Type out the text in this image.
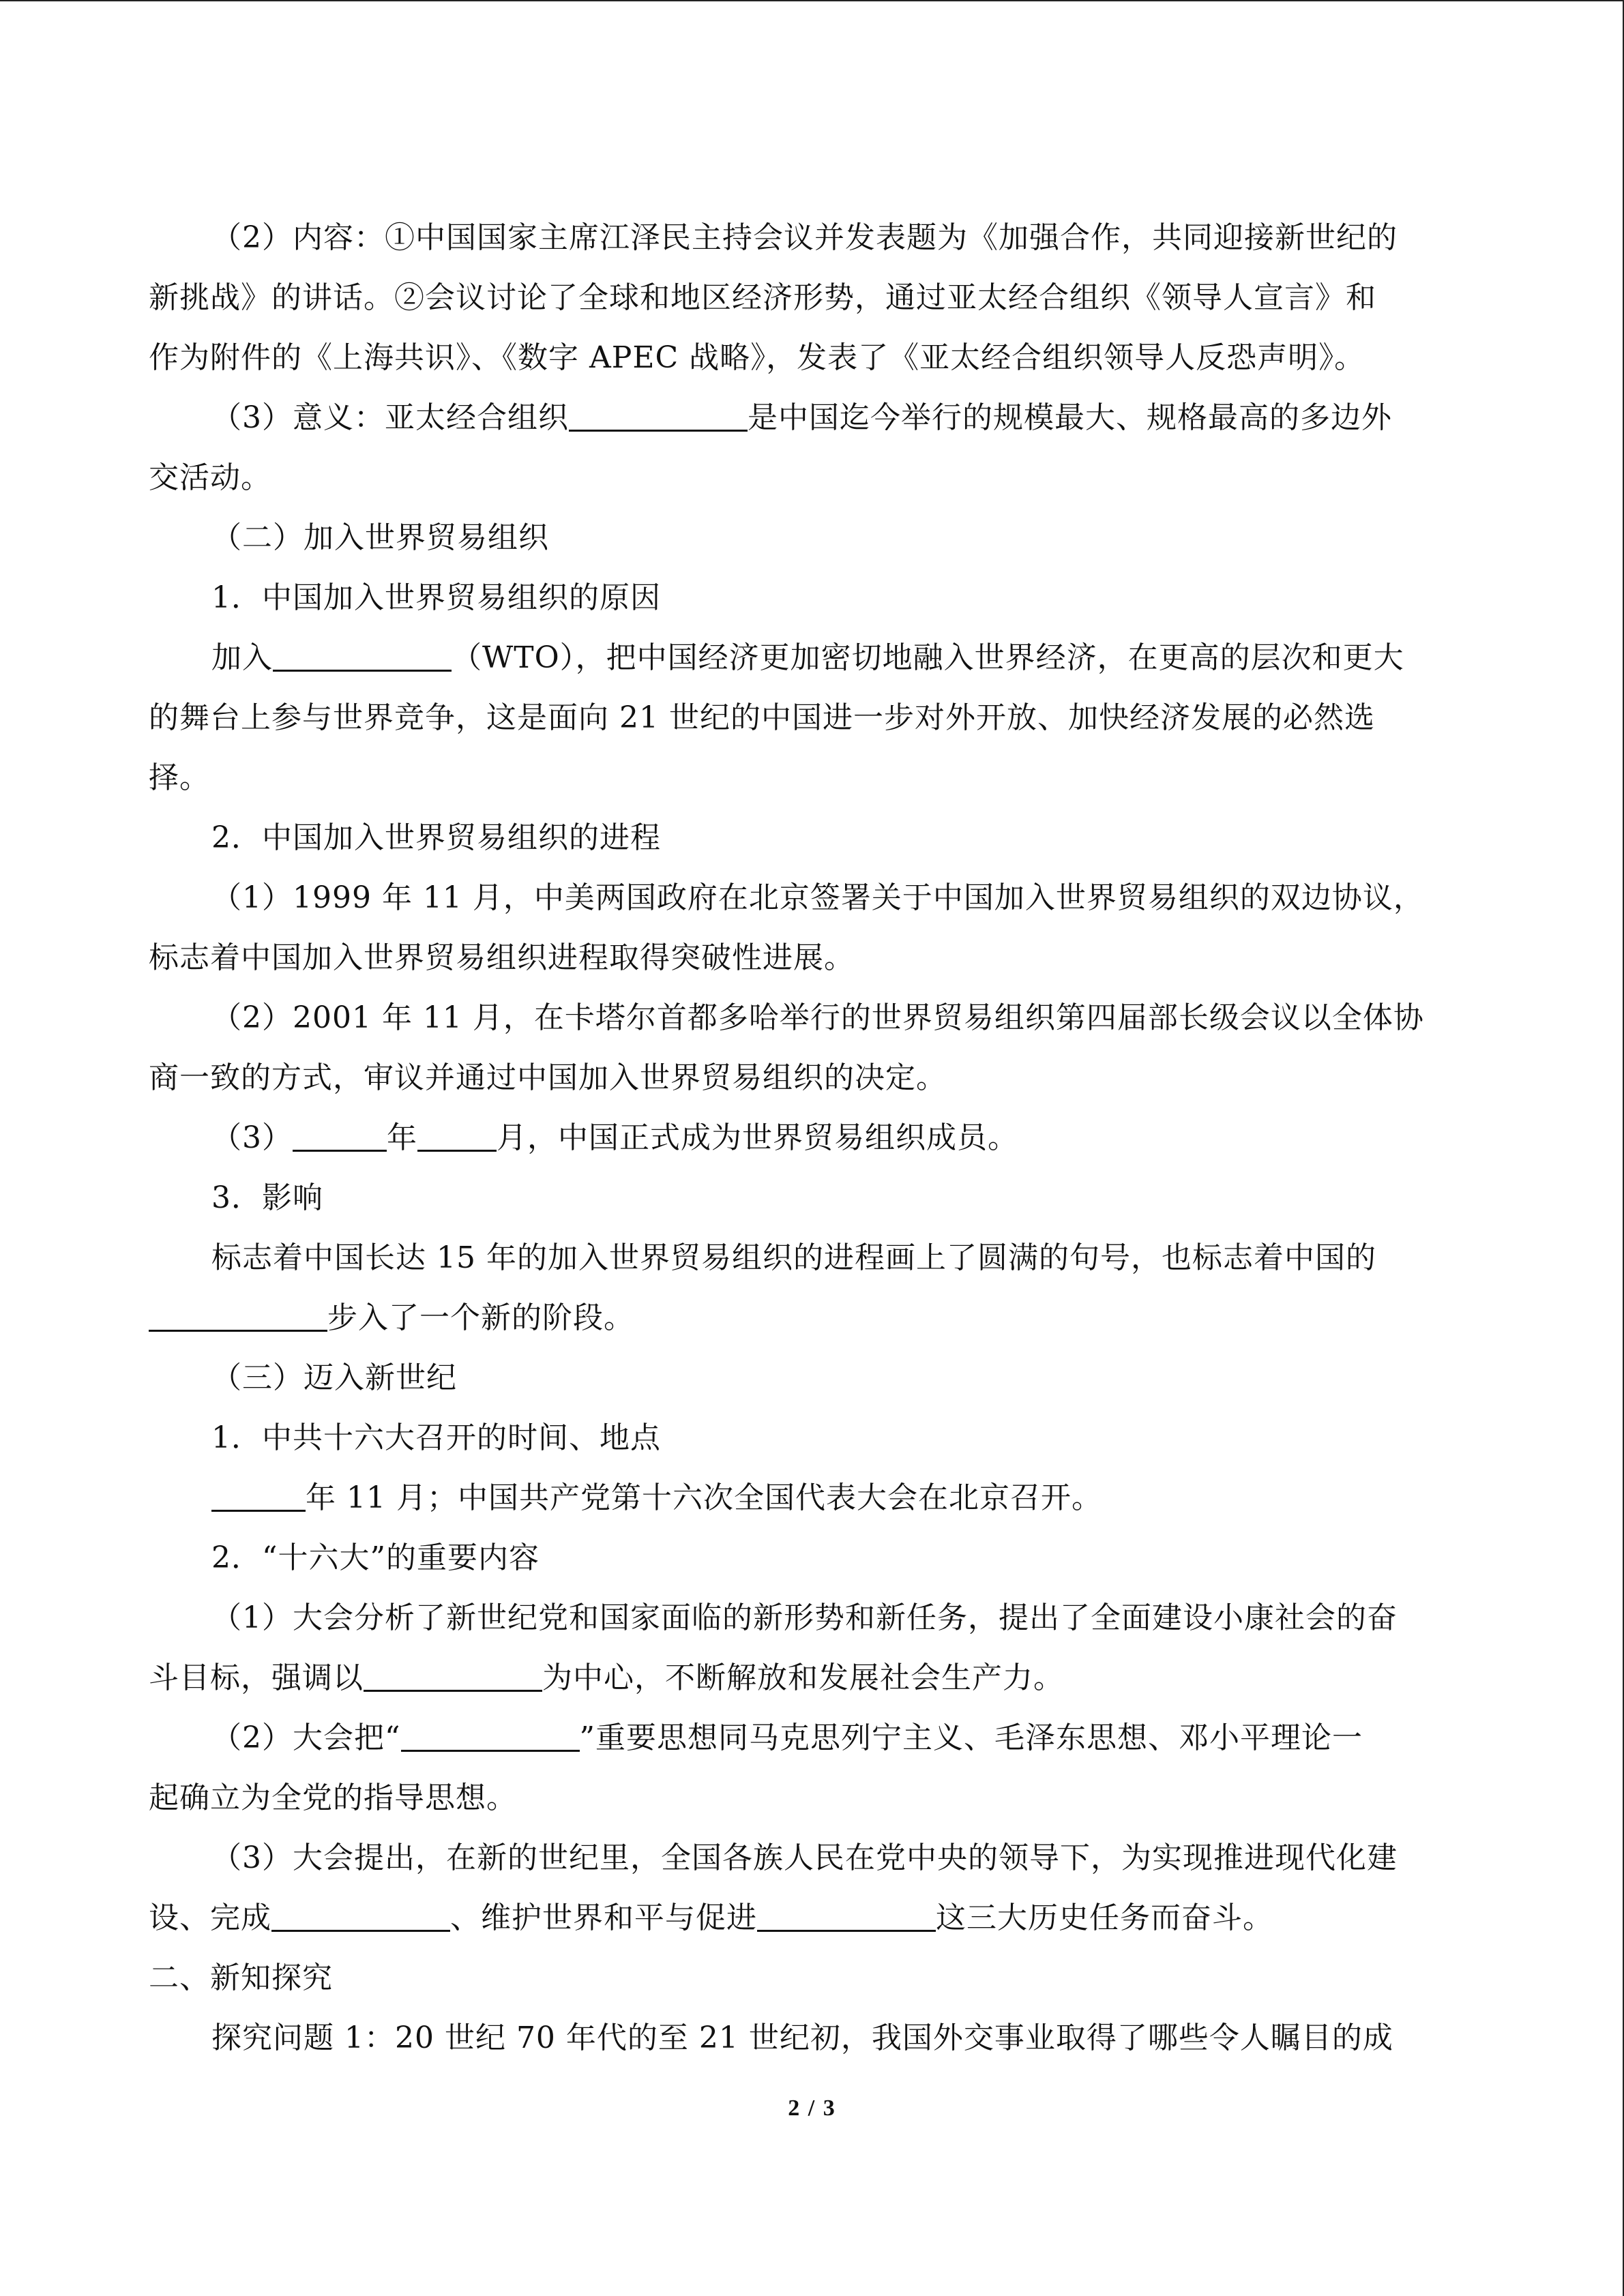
（2）内容：①中国国家主席江泽民主持会议并发表题为《加强合作，共同迎接新世纪的
新挑战》的讲话。②会议讨论了全球和地区经济形势，通过亚太经合组织《领导人宣言》和
作为附件的《上海共识》、《数字 APEC 战略》，发表了《亚太经合组织领导人反恐声明》。
（3）意义：亚太经合组织	是中国迄今举行的规模最大、规格最高的多边外
交活动。
（二）加入世界贸易组织
1．中国加入世界贸易组织的原因
加入	（WTO），把中国经济更加密切地融入世界经济，在更高的层次和更大
的舞台上参与世界竞争，这是面向 21 世纪的中国进一步对外开放、加快经济发展的必然选
择。
2．中国加入世界贸易组织的进程
（1）1999 年 11 月，中美两国政府在北京签署关于中国加入世界贸易组织的双边协议，
标志着中国加入世界贸易组织进程取得突破性进展。
（2）2001 年 11 月，在卡塔尔首都多哈举行的世界贸易组织第四届部长级会议以全体协
商一致的方式，审议并通过中国加入世界贸易组织的决定。
（3）	年	月，中国正式成为世界贸易组织成员。
3．影响
标志着中国长达 15 年的加入世界贸易组织的进程画上了圆满的句号，也标志着中国的
步入了一个新的阶段。
（三）迈入新世纪
1．中共十六大召开的时间、地点
年 11 月；中国共产党第十六次全国代表大会在北京召开。
2．“十六大”的重要内容
（1）大会分析了新世纪党和国家面临的新形势和新任务，提出了全面建设小康社会的奋
斗目标，强调以	为中心，不断解放和发展社会生产力。
（2）大会把“	”重要思想同马克思列宁主义、毛泽东思想、邓小平理论一
起确立为全党的指导思想。
（3）大会提出，在新的世纪里，全国各族人民在党中央的领导下，为实现推进现代化建
设、完成	、维护世界和平与促进	这三大历史任务而奋斗。
二、新知探究
探究问题 1：20 世纪 70 年代的至 21 世纪初，我国外交事业取得了哪些令人瞩目的成
2 / 3
